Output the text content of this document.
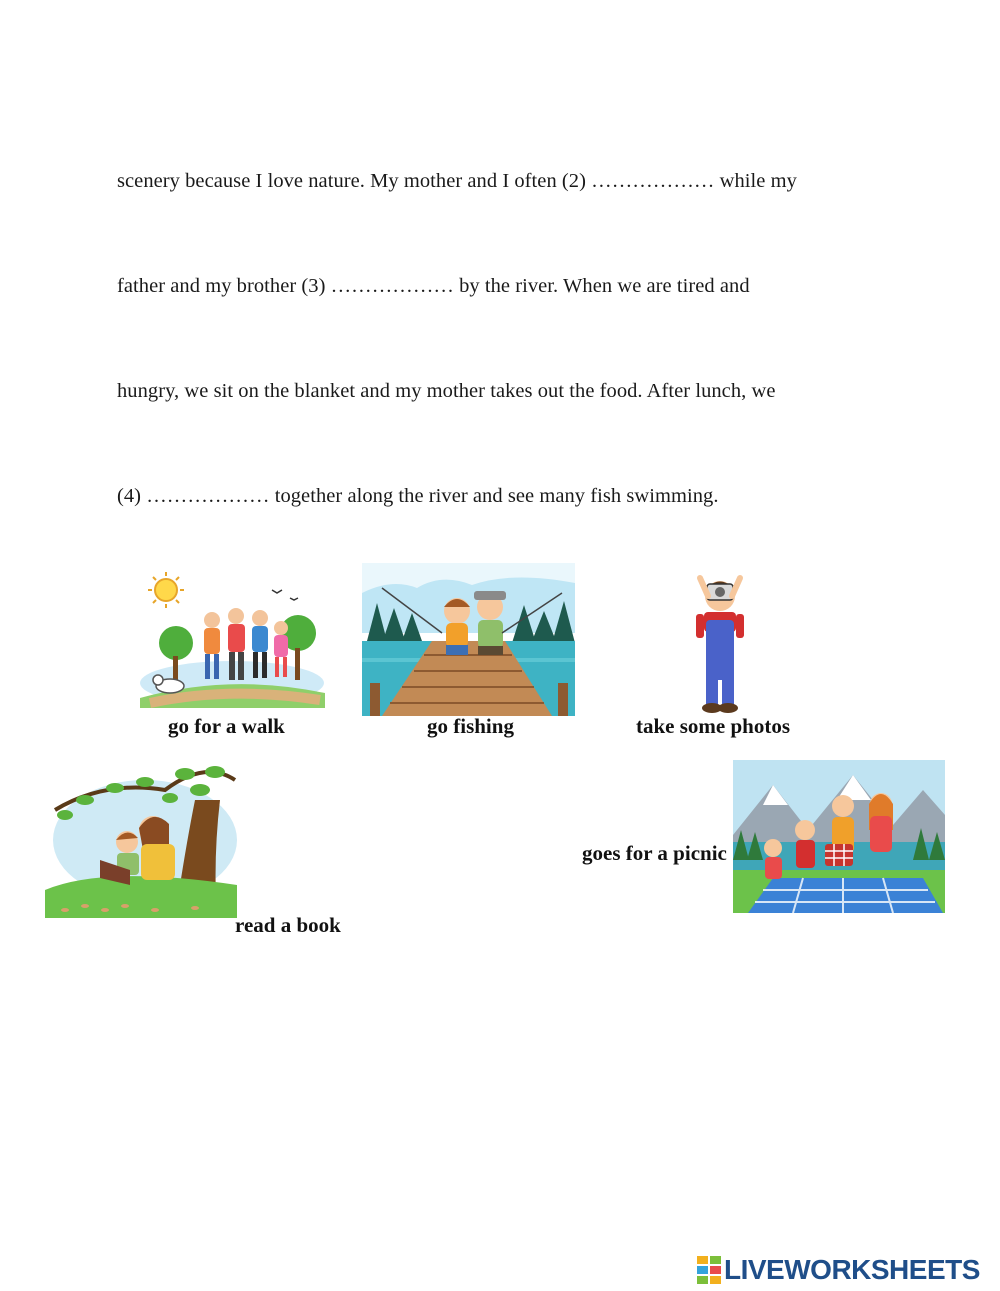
scenery because I love nature. My mother and I often (2) ……………… while my
father and my brother (3) ……………… by the river. When we are tired and
hungry, we sit on the blanket and my mother takes out the food. After lunch, we
(4) ……………… together along the river and see many fish swimming.
go for a walk	go fishing	take some photos
read a book
goes for a picnic
LIVEWORKSHEETS
